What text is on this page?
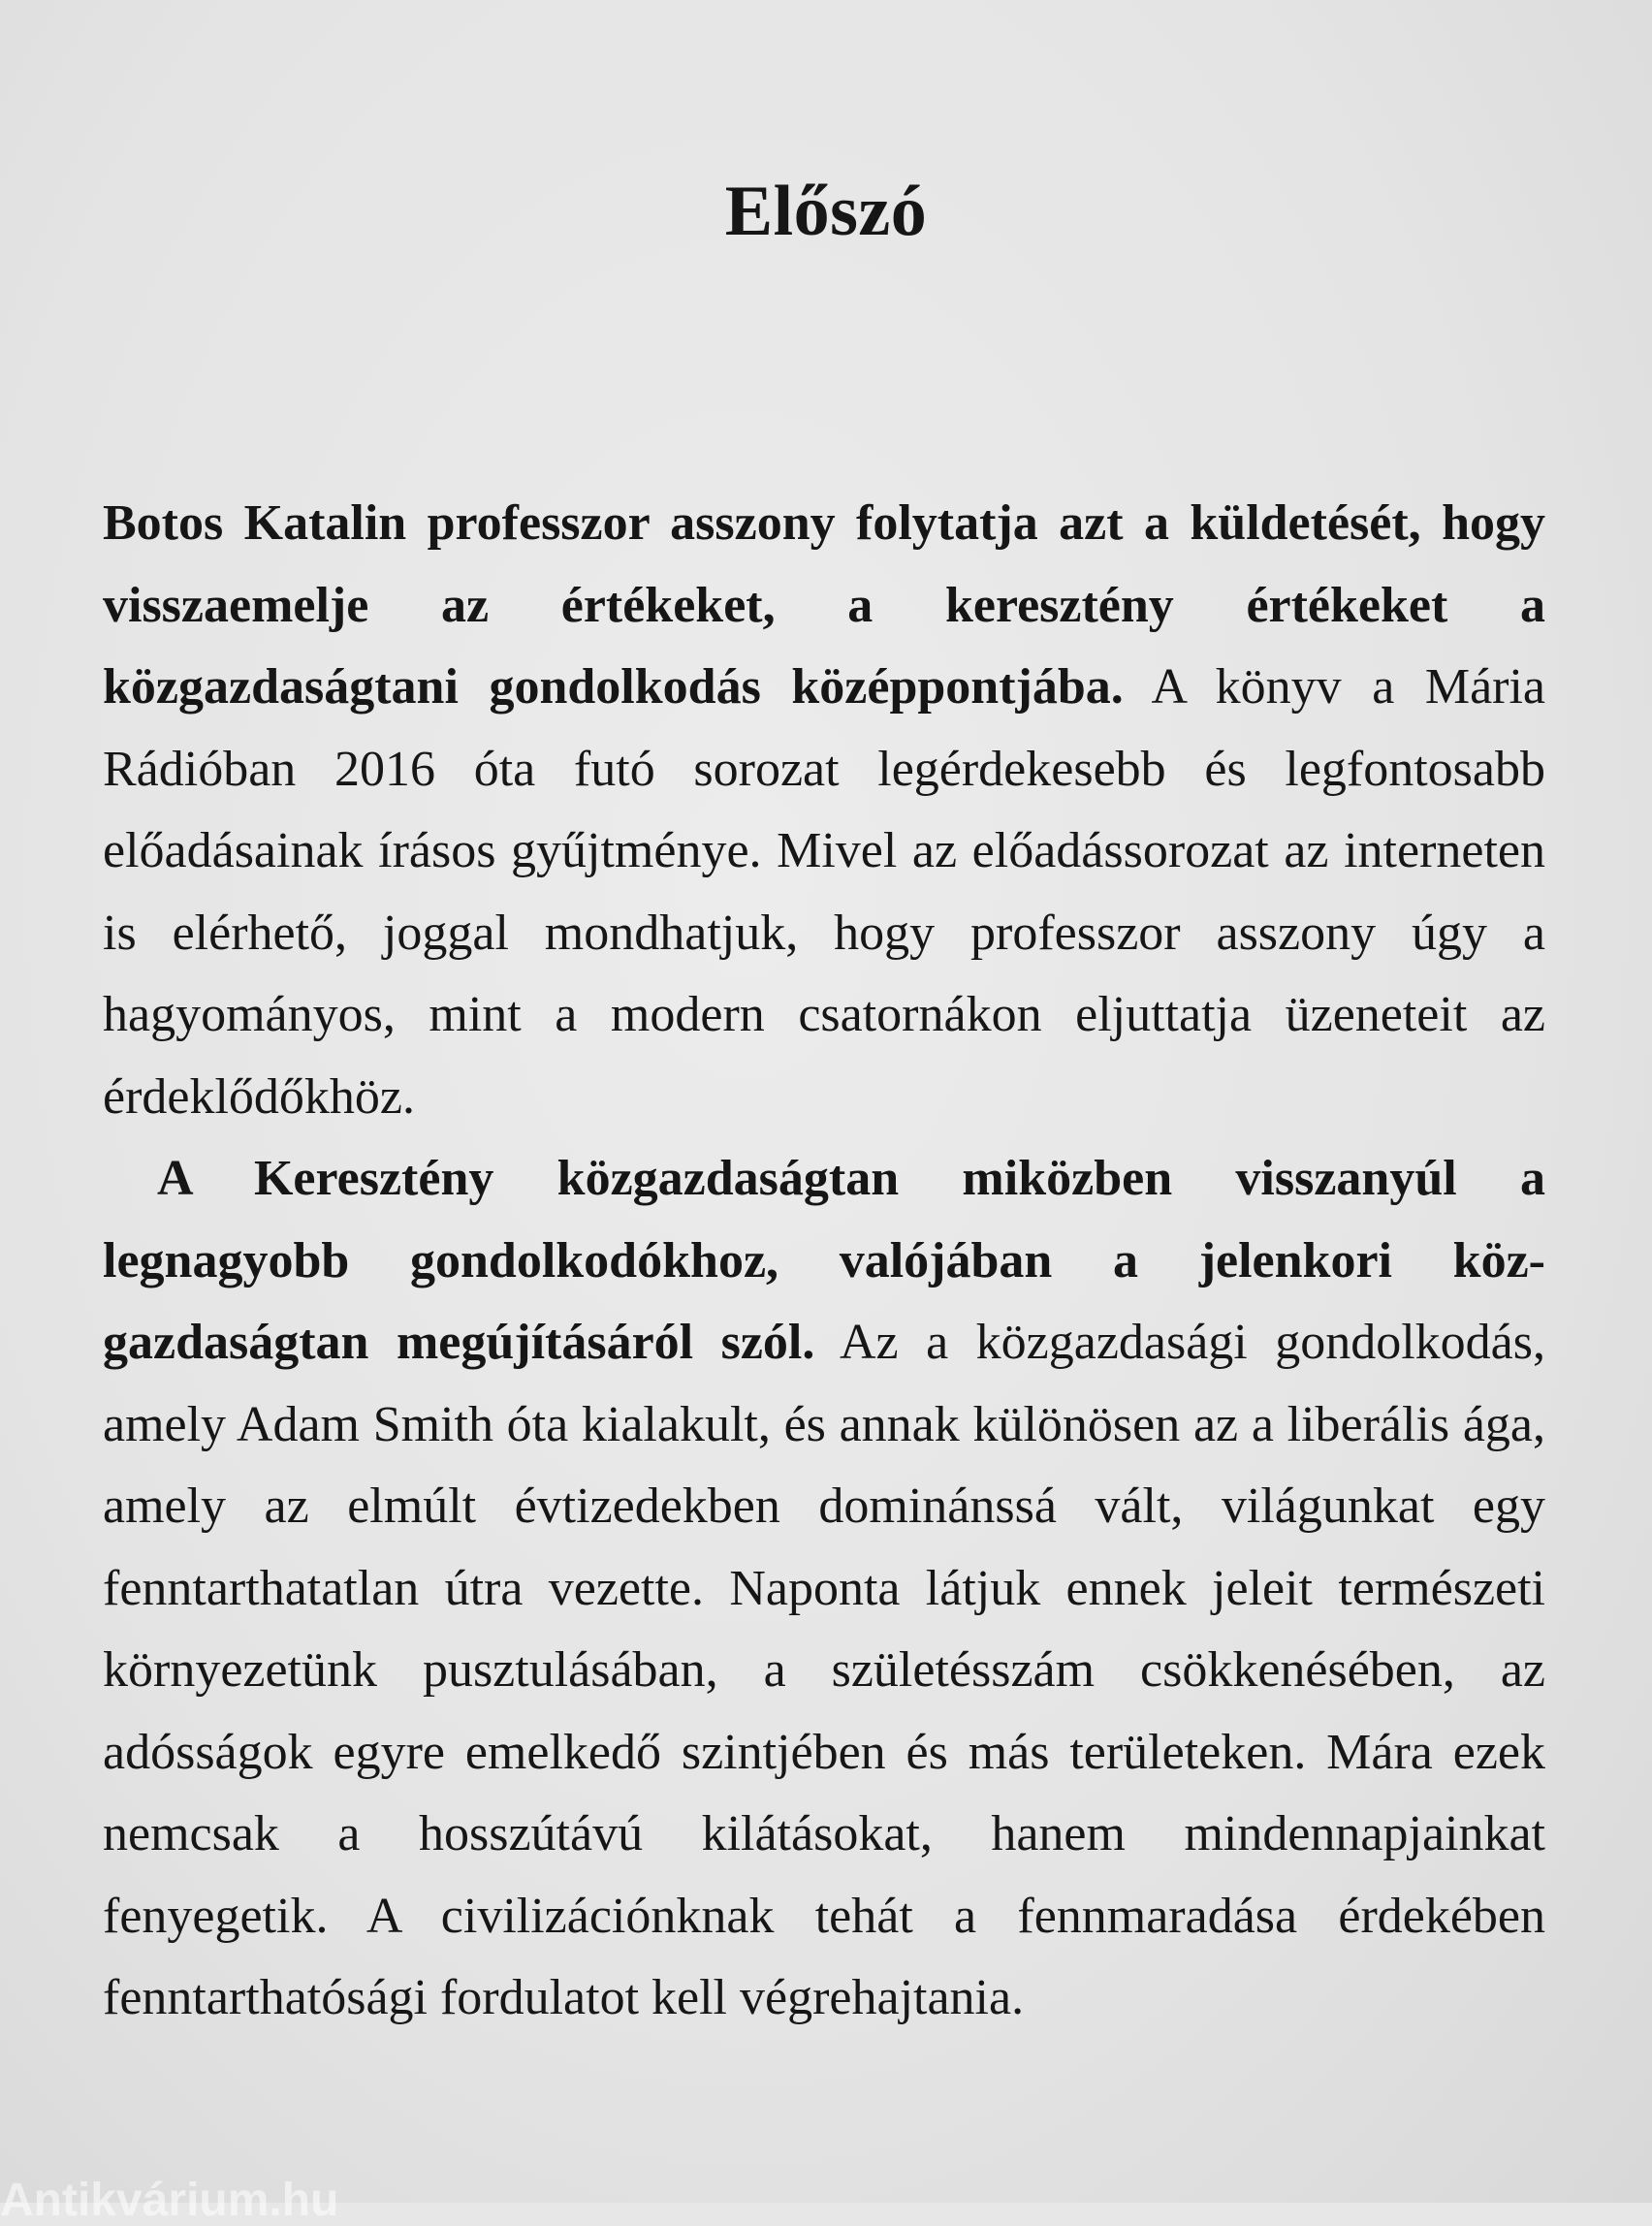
Előszó

Botos Katalin professzor asszony folytatja azt a küldetését, hogy visszaemelje az értékeket, a keresztény értékeket a közgazdaságtani gondolkodás középpontjába. A könyv a Mária Rádióban 2016 óta futó sorozat legérdekesebb és legfontosabb előadásainak írásos gyűjtménye. Mivel az előadássorozat az interneten is elérhető, joggal mondhatjuk, hogy professzor asszony úgy a hagyományos, mint a modern csatornákon eljuttatja üzeneteit az érdeklődőkhöz.

A Keresztény közgazdaságtan miközben visszanyúl a legnagyobb gondolkodókhoz, valójában a jelenkori közgazdaságtan megújításáról szól. Az a közgazdasági gondolkodás, amely Adam Smith óta kialakult, és annak különösen az a liberális ága, amely az elmúlt évtizedekben dominánssá vált, világunkat egy fenntarthatatlan útra vezette. Naponta látjuk ennek jeleit természeti környezetünk pusztulásában, a születésszám csökkenésében, az adósságok egyre emelkedő szintjében és más területeken. Mára ezek nemcsak a hosszútávú kilátásokat, hanem mindennapjainkat fenyegetik. A civilizációnknak tehát a fennmaradása érdekében fenntarthatósági fordulatot kell végrehajtania.

Antikvárium.hu
